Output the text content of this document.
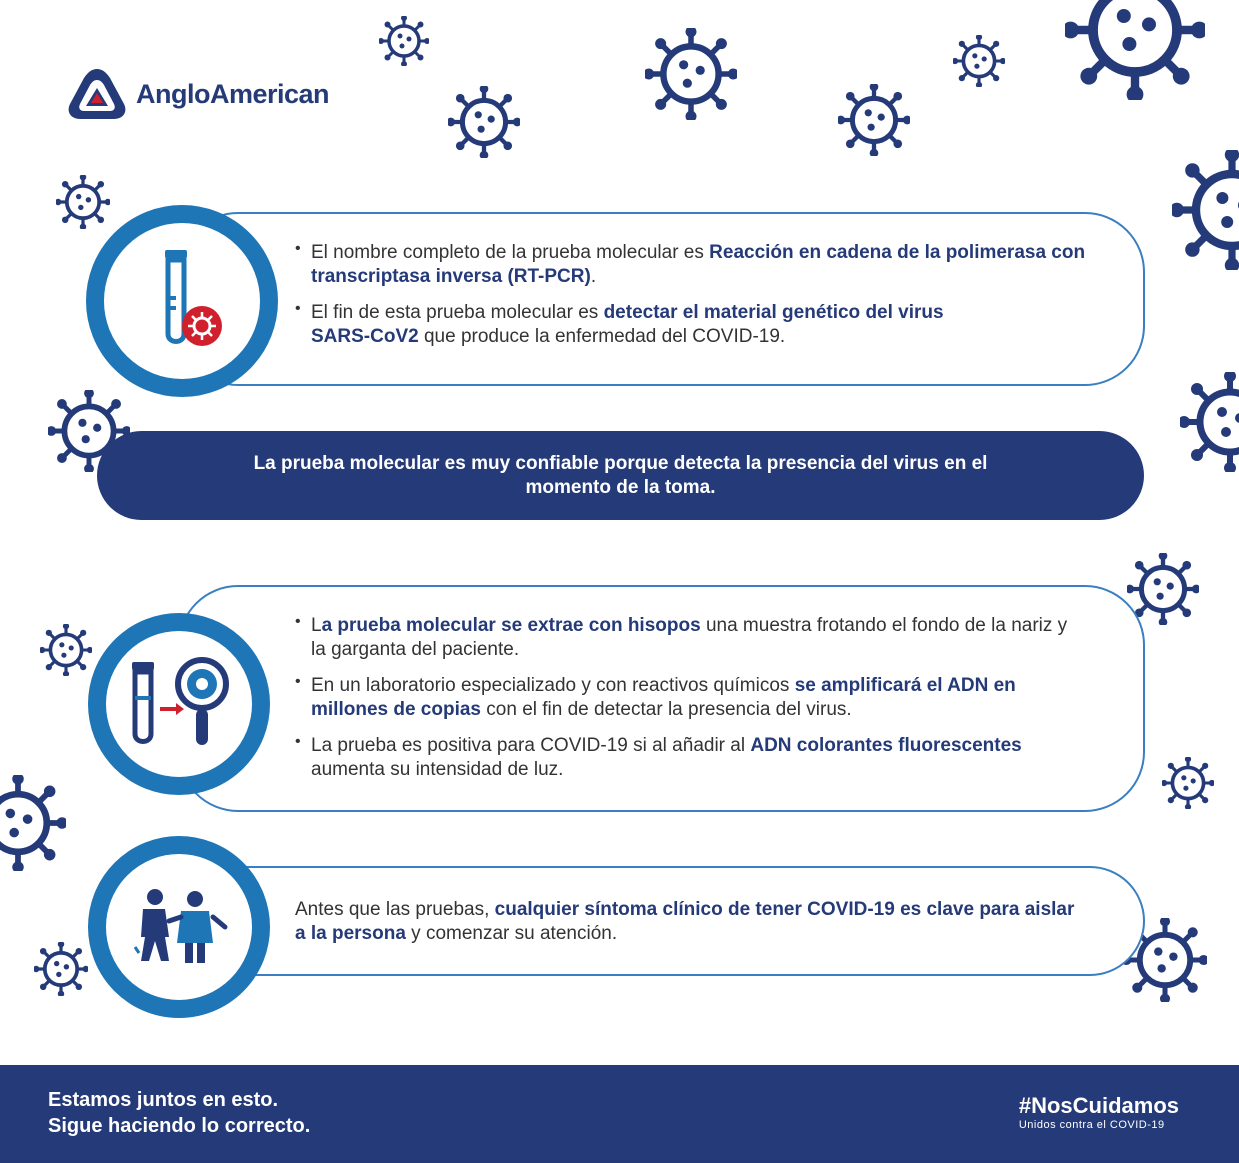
AngloAmerican
• El nombre completo de la prueba molecular es Reacción en cadena de la polimerasa con transcriptasa inversa (RT-PCR).
• El fin de esta prueba molecular es detectar el material genético del virus SARS-CoV2 que produce la enfermedad del COVID-19.
La prueba molecular es muy confiable porque detecta la presencia del virus en el momento de la toma.
• La prueba molecular se extrae con hisopos una muestra frotando el fondo de la nariz y la garganta del paciente.
• En un laboratorio especializado y con reactivos químicos se amplificará el ADN en millones de copias con el fin de detectar la presencia del virus.
• La prueba es positiva para COVID-19 si al añadir al ADN colorantes fluorescentes aumenta su intensidad de luz.
Antes que las pruebas, cualquier síntoma clínico de tener COVID-19 es clave para aislar a la persona y comenzar su atención.
Estamos juntos en esto.
Sigue haciendo lo correcto.
#NosCuidamos
Unidos contra el COVID-19
